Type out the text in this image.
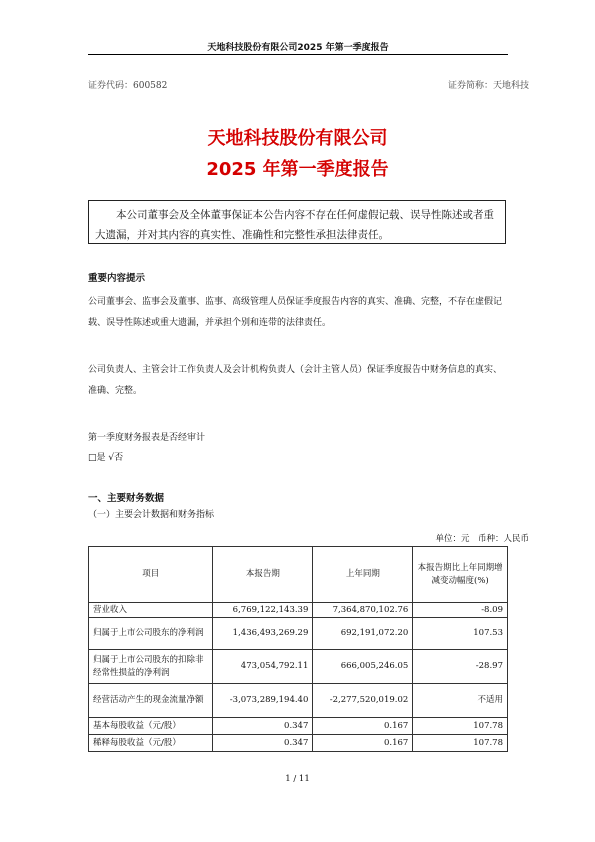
天地科技股份有限公司2025 年第一季度报告
证券代码：600582	证券简称：天地科技
天地科技股份有限公司
2025 年第一季度报告
本公司董事会及全体董事保证本公告内容不存在任何虚假记载、误导性陈述或者重大遗漏，并对其内容的真实性、准确性和完整性承担法律责任。
重要内容提示
公司董事会、监事会及董事、监事、高级管理人员保证季度报告内容的真实、准确、完整，不存在虚假记载、误导性陈述或重大遗漏，并承担个别和连带的法律责任。
公司负责人、主管会计工作负责人及会计机构负责人（会计主管人员）保证季度报告中财务信息的真实、准确、完整。
第一季度财务报表是否经审计
□是 √否
一、主要财务数据
（一）主要会计数据和财务指标
单位：元　币种：人民币
项目	本报告期	上年同期	本报告期比上年同期增减变动幅度(%)
营业收入	6,769,122,143.39	7,364,870,102.76	-8.09
归属于上市公司股东的净利润	1,436,493,269.29	692,191,072.20	107.53
归属于上市公司股东的扣除非经常性损益的净利润	473,054,792.11	666,005,246.05	-28.97
经营活动产生的现金流量净额	-3,073,289,194.40	-2,277,520,019.02	不适用
基本每股收益（元/股）	0.347	0.167	107.78
稀释每股收益（元/股）	0.347	0.167	107.78
1 / 11
